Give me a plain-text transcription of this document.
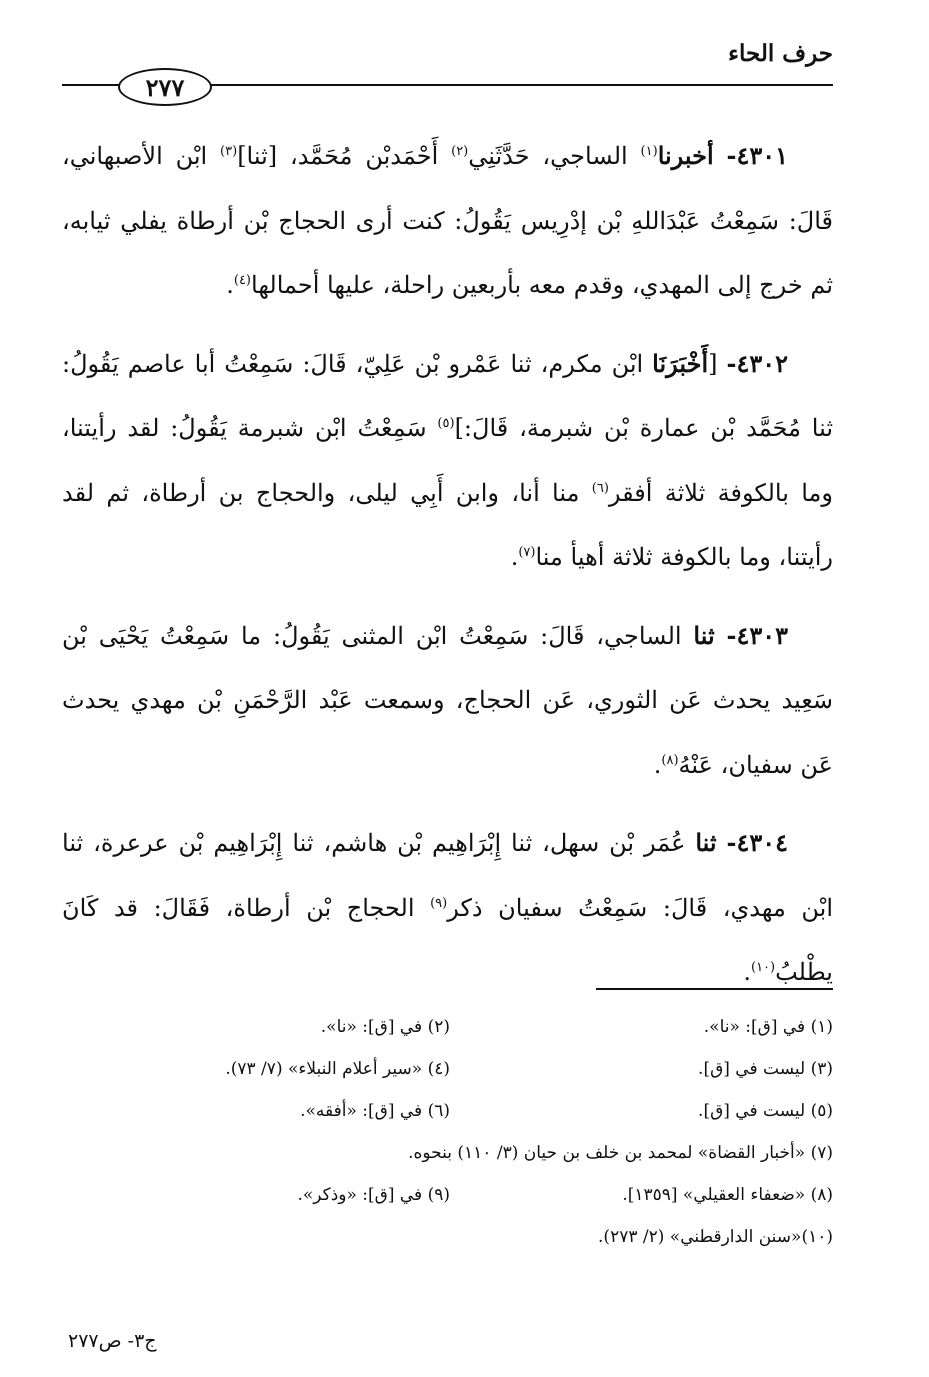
حرف الحاء
٢٧٧

٤٣٠١- أخبرنا$^{(١)}$ الساجي، حَدَّثَنِي$^{(٢)}$ أَحْمَدبْن مُحَمَّد، [ثنا]$^{(٣)}$ ابْن الأصبهاني، قَالَ: سَمِعْتُ عَبْدَاللهِ بْن إدْرِيس يَقُولُ: كنت أرى الحجاج بْن أرطاة يفلي ثيابه، ثم خرج إلى المهدي، وقدم معه بأربعين راحلة، عليها أحمالها$^{(٤)}$.

٤٣٠٢- [أَخْبَرَنَا ابْن مكرم، ثنا عَمْرو بْن عَلِيّ، قَالَ: سَمِعْتُ أبا عاصم يَقُولُ: ثنا مُحَمَّد بْن عمارة بْن شبرمة، قَالَ:]$^{(٥)}$ سَمِعْتُ ابْن شبرمة يَقُولُ: لقد رأيتنا، وما بالكوفة ثلاثة أفقر$^{(٦)}$ منا أنا، وابن أَبِي ليلى، والحجاج بن أرطاة، ثم لقد رأيتنا، وما بالكوفة ثلاثة أهيأ منا$^{(٧)}$.

٤٣٠٣- ثنا الساجي، قَالَ: سَمِعْتُ ابْن المثنى يَقُولُ: ما سَمِعْتُ يَحْيَى بْن سَعِيد يحدث عَن الثوري، عَن الحجاج، وسمعت عَبْد الرَّحْمَنِ بْن مهدي يحدث عَن سفيان، عَنْهُ$^{(٨)}$.

٤٣٠٤- ثنا عُمَر بْن سهل، ثنا إِبْرَاهِيم بْن هاشم، ثنا إِبْرَاهِيم بْن عرعرة، ثنا ابْن مهدي، قَالَ: سَمِعْتُ سفيان ذكر$^{(٩)}$ الحجاج بْن أرطاة، فَقَالَ: قد كَانَ يطْلبُ$^{(١٠)}$.

(١) في [ق]: «نا».
(٢) في [ق]: «نا».
(٣) ليست في [ق].
(٤) «سير أعلام النبلاء» (٧/ ٧٣).
(٥) ليست في [ق].
(٦) في [ق]: «أفقه».
(٧) «أخبار القضاة» لمحمد بن خلف بن حيان (٣/ ١١٠) بنحوه.
(٨) «ضعفاء العقيلي» [١٣٥٩].
(٩) في [ق]: «وذكر».
(١٠)«سنن الدارقطني» (٢/ ٢٧٣).
ج٣- ص٢٧٧
